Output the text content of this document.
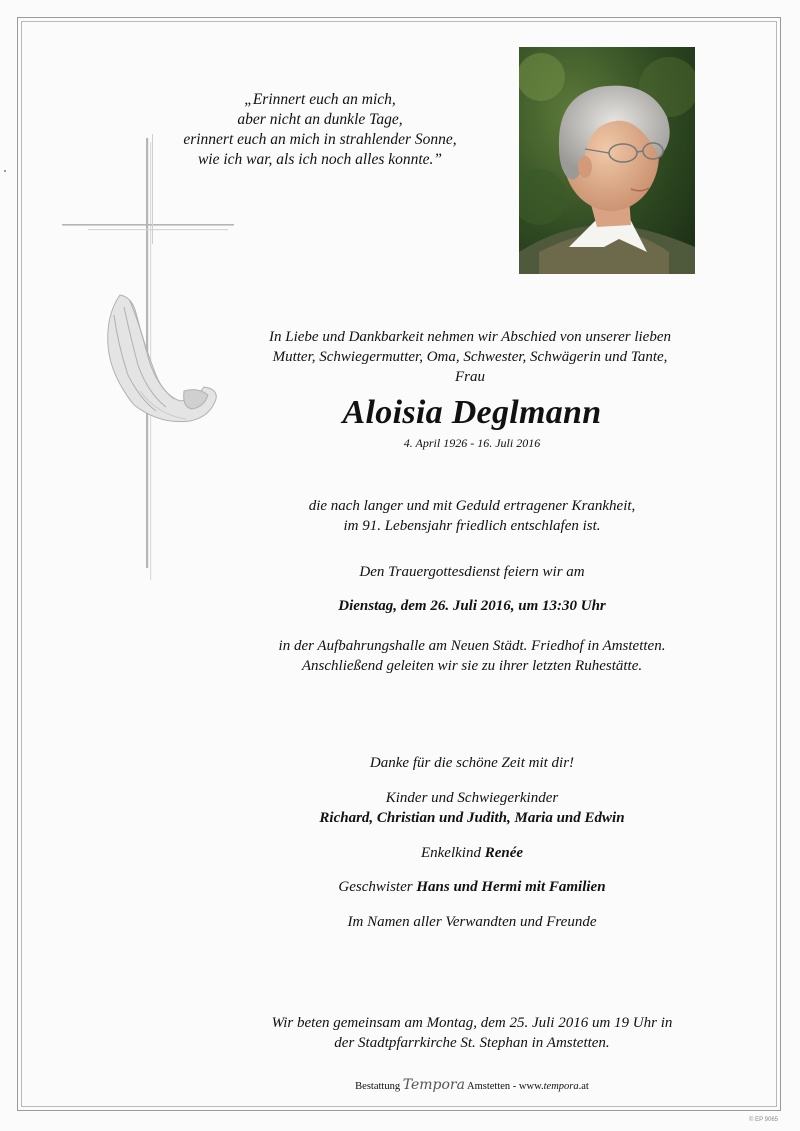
„Erinnert euch an mich,
aber nicht an dunkle Tage,
erinnert euch an mich in strahlender Sonne,
wie ich war, als ich noch alles konnte.”
In Liebe und Dankbarkeit nehmen wir Abschied von unserer lieben
Mutter, Schwiegermutter, Oma, Schwester, Schwägerin und Tante,
Frau
Aloisia Deglmann
4. April 1926 - 16. Juli 2016
die nach langer und mit Geduld ertragener Krankheit,
im 91. Lebensjahr friedlich entschlafen ist.
Den Trauergottesdienst feiern wir am
Dienstag, dem 26. Juli 2016, um 13:30 Uhr
in der Aufbahrungshalle am Neuen Städt. Friedhof in Amstetten.
Anschließend geleiten wir sie zu ihrer letzten Ruhestätte.
Danke für die schöne Zeit mit dir!
Kinder und Schwiegerkinder
Richard, Christian und Judith, Maria und Edwin
Enkelkind Renée
Geschwister Hans und Hermi mit Familien
Im Namen aller Verwandten und Freunde
Wir beten gemeinsam am Montag, dem 25. Juli 2016 um 19 Uhr in
der Stadtpfarrkirche St. Stephan in Amstetten.
Bestattung Tempora Amstetten - www.tempora.at
© EP 9065
